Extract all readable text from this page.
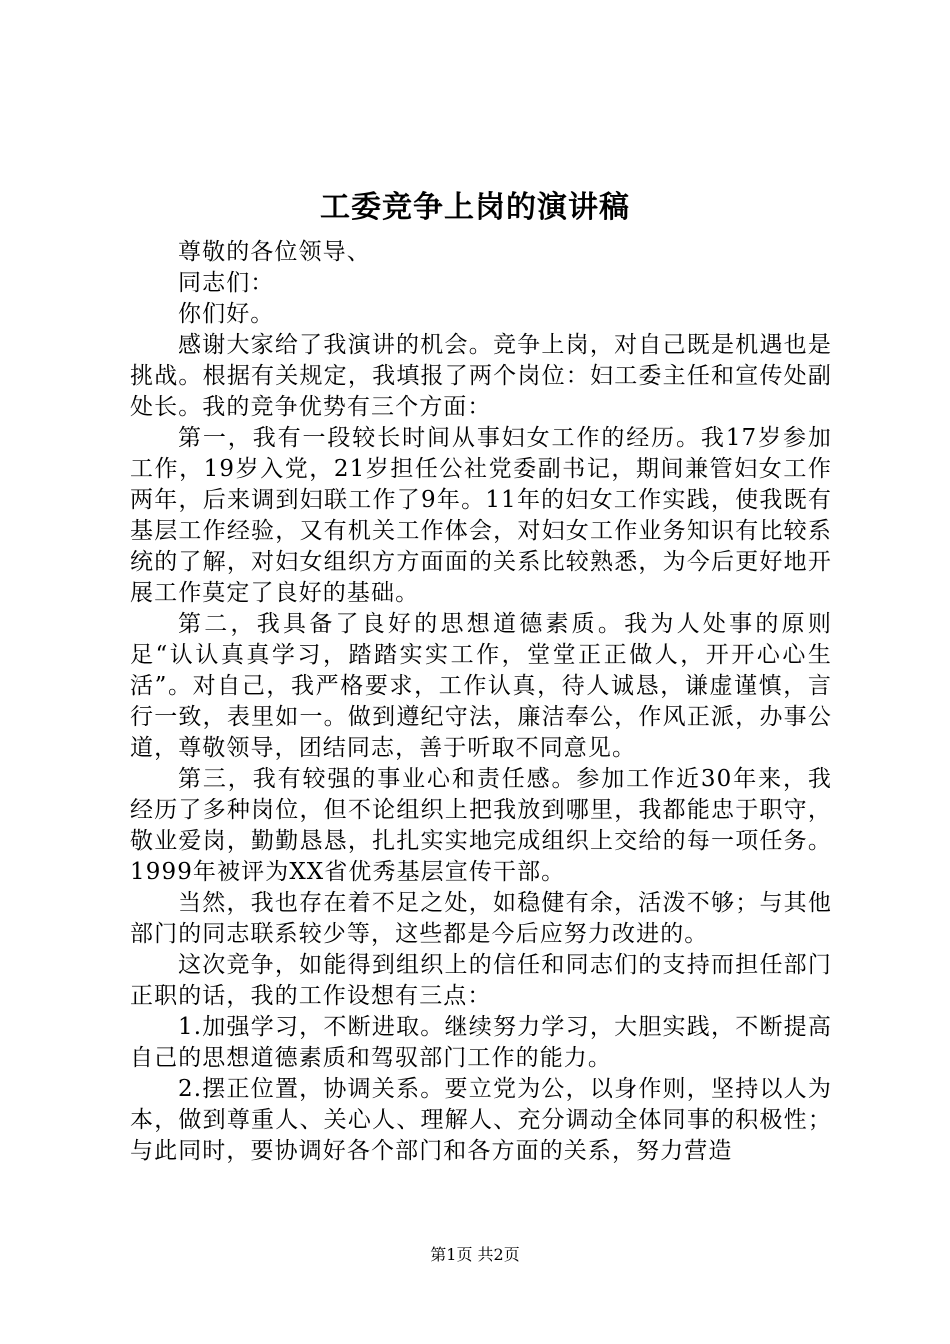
工委竞争上岗的演讲稿

尊敬的各位领导、

同志们：

你们好。

感谢大家给了我演讲的机会。竞争上岗，对自己既是机遇也是挑战。根据有关规定，我填报了两个岗位：妇工委主任和宣传处副处长。我的竞争优势有三个方面：

第一，我有一段较长时间从事妇女工作的经历。我17岁参加工作，19岁入党，21岁担任公社党委副书记，期间兼管妇女工作两年，后来调到妇联工作了9年。11年的妇女工作实践，使我既有基层工作经验，又有机关工作体会，对妇女工作业务知识有比较系统的了解，对妇女组织方方面面的关系比较熟悉，为今后更好地开展工作莫定了良好的基础。

第二，我具备了良好的思想道德素质。我为人处事的原则足“认认真真学习，踏踏实实工作，堂堂正正做人，开开心心生活”。对自己，我严格要求，工作认真，待人诚恳，谦虚谨慎，言行一致，表里如一。做到遵纪守法，廉洁奉公，作风正派，办事公道，尊敬领导，团结同志，善于听取不同意见。

第三，我有较强的事业心和责任感。参加工作近30年来，我经历了多种岗位，但不论组织上把我放到哪里，我都能忠于职守，敬业爱岗，勤勤恳恳，扎扎实实地完成组织上交给的每一项任务。1999年被评为XX省优秀基层宣传干部。

当然，我也存在着不足之处，如稳健有余，活泼不够；与其他部门的同志联系较少等，这些都是今后应努力改进的。

这次竞争，如能得到组织上的信任和同志们的支持而担任部门正职的话，我的工作设想有三点：

1.加强学习，不断进取。继续努力学习，大胆实践，不断提高自己的思想道德素质和驾驭部门工作的能力。

2.摆正位置，协调关系。要立党为公，以身作则，坚持以人为本，做到尊重人、关心人、理解人、充分调动全体同事的积极性；与此同时，要协调好各个部门和各方面的关系，努力营造

第1页 共2页
